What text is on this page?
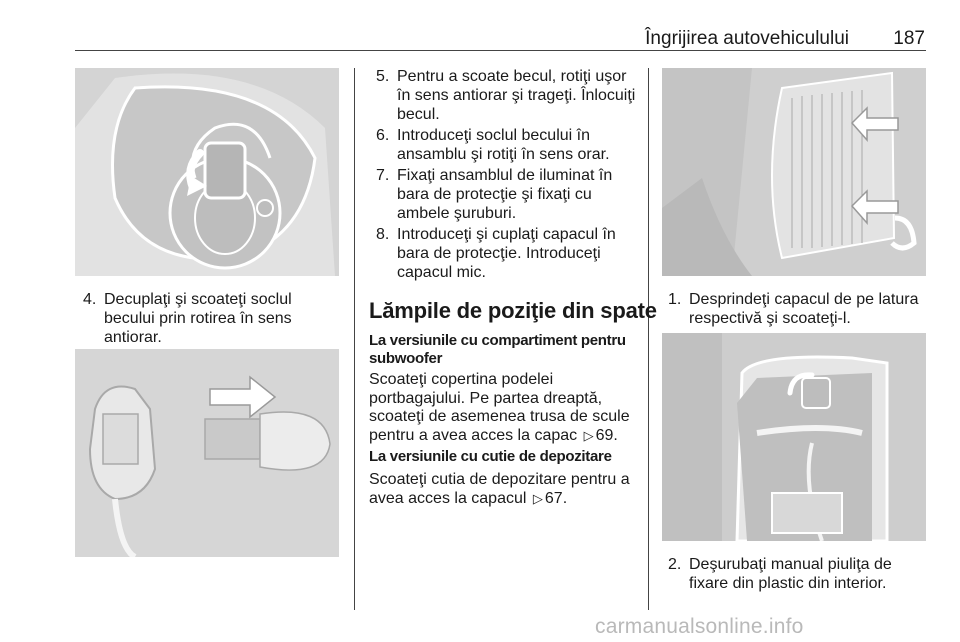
Îngrijirea autovehiculului 187
4. Decuplaţi şi scoateţi soclul becului prin rotirea în sens antiorar.
5. Pentru a scoate becul, rotiţi uşor în sens antiorar şi trageţi. Înlocuiţi becul.
6. Introduceţi soclul becului în ansamblu şi rotiţi în sens orar.
7. Fixaţi ansamblul de iluminat în bara de protecţie şi fixaţi cu ambele şuruburi.
8. Introduceţi şi cuplaţi capacul în bara de protecţie. Introduceţi capacul mic.
Lămpile de poziţie din spate
La versiunile cu compartiment pentru subwoofer
Scoateţi copertina podelei portbagajului. Pe partea dreaptă, scoateţi de asemenea trusa de scule pentru a avea acces la capac ▷ 69.
La versiunile cu cutie de depozitare
Scoateţi cutia de depozitare pentru a avea acces la capacul ▷ 67.
1. Desprindeţi capacul de pe latura respectivă şi scoateţi-l.
2. Deşurubaţi manual piuliţa de fixare din plastic din interior.
carmanualsonline.info
